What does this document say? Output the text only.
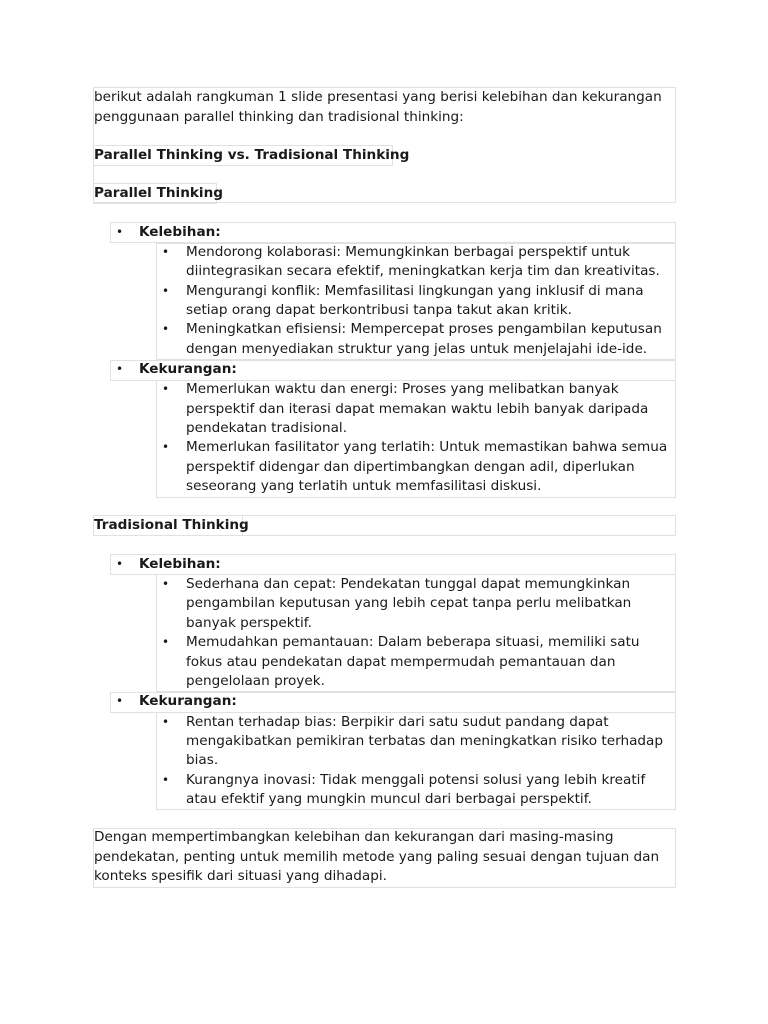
berikut adalah rangkuman 1 slide presentasi yang berisi kelebihan dan kekurangan

penggunaan parallel thinking dan tradisional thinking:

Parallel Thinking vs. Tradisional Thinking

Parallel Thinking

• Kelebihan:

• Mendorong kolaborasi: Memungkinkan berbagai perspektif untuk

diintegrasikan secara efektif, meningkatkan kerja tim dan kreativitas.

• Mengurangi konflik: Memfasilitasi lingkungan yang inklusif di mana

setiap orang dapat berkontribusi tanpa takut akan kritik.

• Meningkatkan efisiensi: Mempercepat proses pengambilan keputusan

dengan menyediakan struktur yang jelas untuk menjelajahi ide-ide.

• Kekurangan:

• Memerlukan waktu dan energi: Proses yang melibatkan banyak

perspektif dan iterasi dapat memakan waktu lebih banyak daripada

pendekatan tradisional.

• Memerlukan fasilitator yang terlatih: Untuk memastikan bahwa semua

perspektif didengar dan dipertimbangkan dengan adil, diperlukan

seseorang yang terlatih untuk memfasilitasi diskusi.

Tradisional Thinking

• Kelebihan:

• Sederhana dan cepat: Pendekatan tunggal dapat memungkinkan

pengambilan keputusan yang lebih cepat tanpa perlu melibatkan

banyak perspektif.

• Memudahkan pemantauan: Dalam beberapa situasi, memiliki satu

fokus atau pendekatan dapat mempermudah pemantauan dan

pengelolaan proyek.

• Kekurangan:

• Rentan terhadap bias: Berpikir dari satu sudut pandang dapat

mengakibatkan pemikiran terbatas dan meningkatkan risiko terhadap

bias.

• Kurangnya inovasi: Tidak menggali potensi solusi yang lebih kreatif

atau efektif yang mungkin muncul dari berbagai perspektif.

Dengan mempertimbangkan kelebihan dan kekurangan dari masing-masing

pendekatan, penting untuk memilih metode yang paling sesuai dengan tujuan dan

konteks spesifik dari situasi yang dihadapi.
